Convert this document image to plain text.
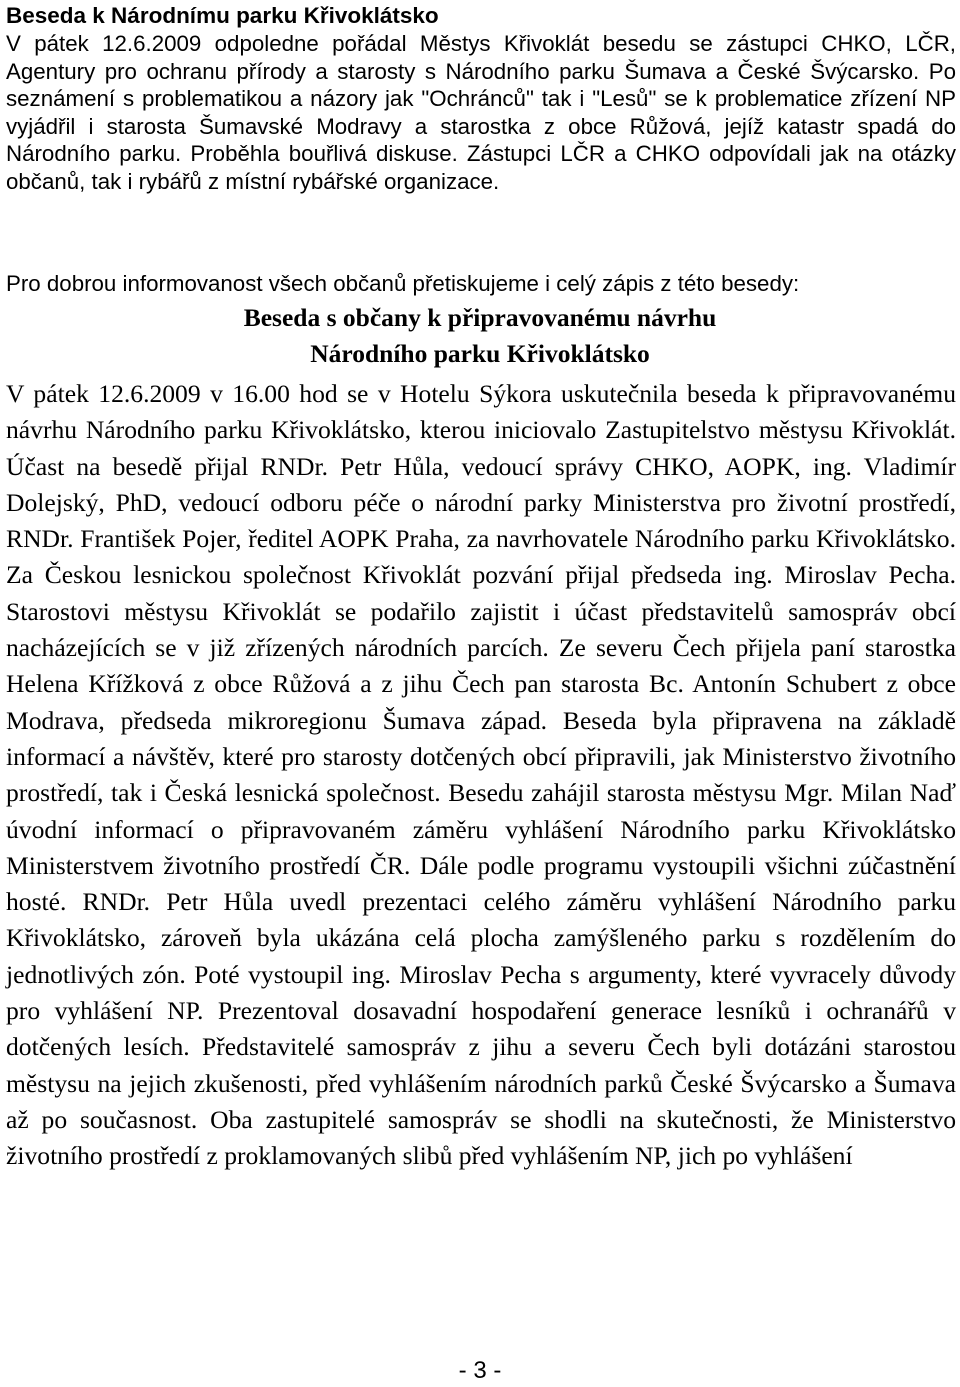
Beseda k Národnímu parku Křivoklátsko
V pátek 12.6.2009 odpoledne pořádal Městys Křivoklát besedu se zástupci CHKO, LČR, Agentury pro ochranu přírody a starosty s Národního parku Šumava a České Švýcarsko. Po seznámení s problematikou a názory jak "Ochránců" tak i "Lesů" se k problematice zřízení NP vyjádřil i starosta Šumavské Modravy a starostka z obce Růžová, jejíž katastr spadá do Národního parku. Proběhla bouřlivá diskuse. Zástupci LČR a CHKO odpovídali jak na otázky občanů, tak i rybářů z místní rybářské organizace.
Pro dobrou informovanost všech občanů přetiskujeme i celý zápis z této besedy:
Beseda s občany k připravovanému návrhu
Národního parku Křivoklátsko
V pátek 12.6.2009 v 16.00 hod se v Hotelu Sýkora uskutečnila beseda k připravovanému návrhu Národního parku Křivoklátsko, kterou iniciovalo Zastupitelstvo městysu Křivoklát. Účast na besedě přijal RNDr. Petr Hůla, vedoucí správy CHKO, AOPK, ing. Vladimír Dolejský, PhD, vedoucí odboru péče o národní parky Ministerstva pro životní prostředí, RNDr. František Pojer, ředitel AOPK Praha, za navrhovatele Národního parku Křivoklátsko. Za Českou lesnickou společnost Křivoklát pozvání přijal předseda ing. Miroslav Pecha. Starostovi městysu Křivoklát se podařilo zajistit i účast představitelů samospráv obcí nacházejících se v již zřízených národních parcích. Ze severu Čech přijela paní starostka Helena Křížková z obce Růžová a z jihu Čech pan starosta Bc. Antonín Schubert z obce Modrava, předseda mikroregionu Šumava západ. Beseda byla připravena na základě informací a návštěv, které pro starosty dotčených obcí připravili, jak Ministerstvo životního prostředí, tak i Česká lesnická společnost. Besedu zahájil starosta městysu Mgr. Milan Naď úvodní informací o připravovaném záměru vyhlášení Národního parku Křivoklátsko Ministerstvem životního prostředí ČR. Dále podle programu vystoupili všichni zúčastnění hosté. RNDr. Petr Hůla uvedl prezentaci celého záměru vyhlášení Národního parku Křivoklátsko, zároveň byla ukázána celá plocha zamýšleného parku s rozdělením do jednotlivých zón. Poté vystoupil ing. Miroslav Pecha s argumenty, které vyvracely důvody pro vyhlášení NP. Prezentoval dosavadní hospodaření generace lesníků i ochranářů v dotčených lesích. Představitelé samospráv z jihu a severu Čech byli dotázáni starostou městysu na jejich zkušenosti, před vyhlášením národních parků České Švýcarsko a Šumava až po současnost. Oba zastupitelé samospráv se shodli na skutečnosti, že Ministerstvo životního prostředí z proklamovaných slibů před vyhlášením NP, jich po vyhlášení
- 3 -
